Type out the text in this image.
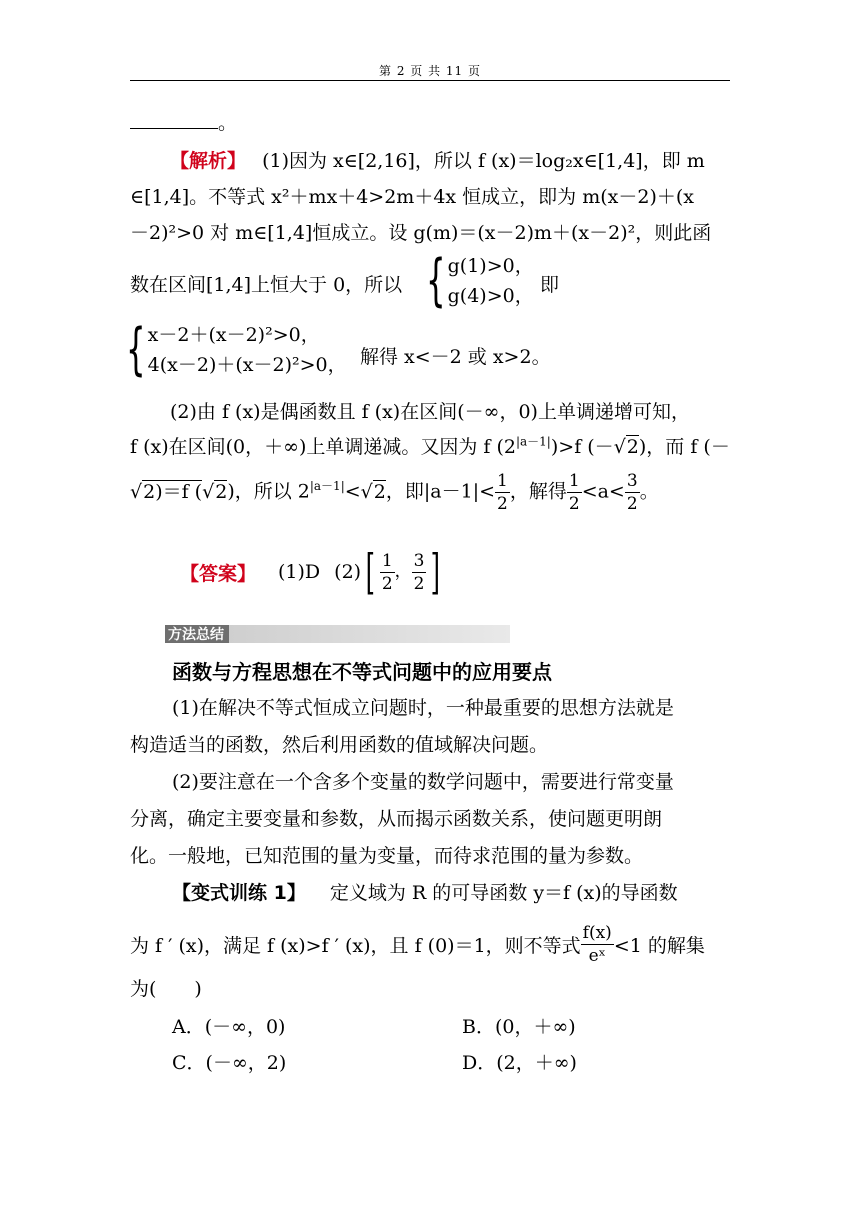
第 2 页 共 11 页
。
【解析】 (1)因为 x∈[2,16]，所以 f (x)＝log₂x∈[1,4]，即 m
∈[1,4]。不等式 x²＋mx＋4>2m＋4x 恒成立，即为 m(x－2)＋(x
－2)²>0 对 m∈[1,4]恒成立。设 g(m)＝(x－2)m＋(x－2)²，则此函
数在区间[1,4]上恒大于 0，所以 { g(1)>0，
g(4)>0， 即
{ x－2＋(x－2)²>0，
4(x－2)＋(x－2)²>0， 解得 x<－2 或 x>2。
(2)由 f (x)是偶函数且 f (x)在区间(－∞，0)上单调递增可知，
f (x)在区间(0，＋∞)上单调递减。又因为 f $(2^{|a-1|})>f$ (－√2)，而 f (－
√2)＝f (√2)，所以 $2^{|a-1|}<√2$，即$|a-1|< \frac{1}{2}$ ，解得 $\frac{1}{2} <a< \frac{3}{2}$ 。
【答案】 (1)D (2) [ $\frac{1}{2}$ ， $\frac{3}{2}$ ]
方法总结
函数与方程思想在不等式问题中的应用要点
(1)在解决不等式恒成立问题时，一种最重要的思想方法就是
构造适当的函数，然后利用函数的值域解决问题。
(2)要注意在一个含多个变量的数学问题中，需要进行常变量
分离，确定主要变量和参数，从而揭示函数关系，使问题更明朗
化。一般地，已知范围的量为变量，而待求范围的量为参数。
【变式训练 1】 定义域为 R 的可导函数 y＝f (x)的导函数
为 f ′ (x)，满足 f (x)>f ′ (x)，且 f (0)＝1，则不等式 $\frac{f(x)}{\text{eˣ}} <1$ 的解集
为(　　)
A．(－∞，0)	B．(0，＋∞)
C．(－∞，2)	D．(2，＋∞)
